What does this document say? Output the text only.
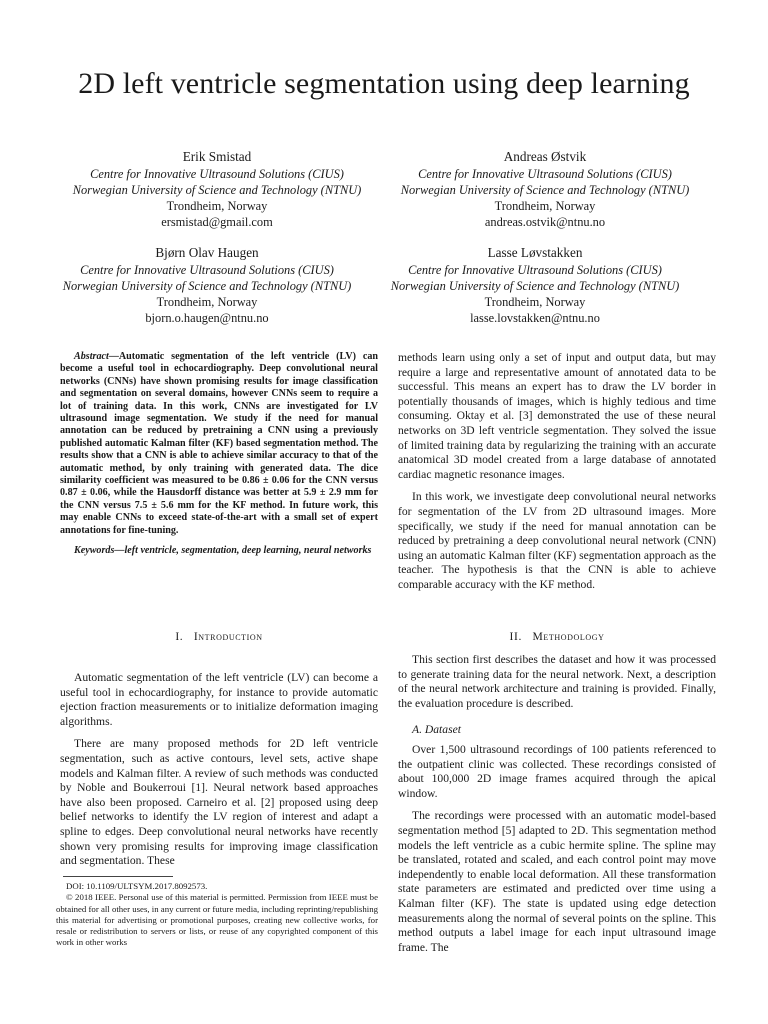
2D left ventricle segmentation using deep learning
Erik Smistad
Centre for Innovative Ultrasound Solutions (CIUS)
Norwegian University of Science and Technology (NTNU)
Trondheim, Norway
ersmistad@gmail.com
Andreas Østvik
Centre for Innovative Ultrasound Solutions (CIUS)
Norwegian University of Science and Technology (NTNU)
Trondheim, Norway
andreas.ostvik@ntnu.no
Bjørn Olav Haugen
Centre for Innovative Ultrasound Solutions (CIUS)
Norwegian University of Science and Technology (NTNU)
Trondheim, Norway
bjorn.o.haugen@ntnu.no
Lasse Løvstakken
Centre for Innovative Ultrasound Solutions (CIUS)
Norwegian University of Science and Technology (NTNU)
Trondheim, Norway
lasse.lovstakken@ntnu.no

Abstract—Automatic segmentation of the left ventricle (LV) can become a useful tool in echocardiography. Deep convolutional neural networks (CNNs) have shown promising results for image classification and segmentation on several domains, however CNNs seem to require a lot of training data. In this work, CNNs are investigated for LV ultrasound image segmentation. We study if the need for manual annotation can be reduced by pretraining a CNN using a previously published automatic Kalman filter (KF) based segmentation method. The results show that a CNN is able to achieve similar accuracy to that of the automatic method, by only training with generated data. The dice similarity coefficient was measured to be 0.86 ± 0.06 for the CNN versus 0.87 ± 0.06, while the Hausdorff distance was better at 5.9 ± 2.9 mm for the CNN versus 7.5 ± 5.6 mm for the KF method. In future work, this may enable CNNs to exceed state-of-the-art with a small set of expert annotations for fine-tuning.

Keywords—left ventricle, segmentation, deep learning, neural networks

I. Introduction

Automatic segmentation of the left ventricle (LV) can become a useful tool in echocardiography, for instance to provide automatic ejection fraction measurements or to initialize deformation imaging algorithms.

There are many proposed methods for 2D left ventricle segmentation, such as active contours, level sets, active shape models and Kalman filter. A review of such methods was conducted by Noble and Boukerroui [1]. Neural network based approaches have also been proposed. Carneiro et al. [2] proposed using deep belief networks to identify the LV region of interest and adapt a spline to edges. Deep convolutional neural networks have recently shown very promising results for improving image classification and segmentation. These

DOI: 10.1109/ULTSYM.2017.8092573.

© 2018 IEEE. Personal use of this material is permitted. Permission from IEEE must be obtained for all other uses, in any current or future media, including reprinting/republishing this material for advertising or promotional purposes, creating new collective works, for resale or redistribution to servers or lists, or reuse of any copyrighted component of this work in other works

methods learn using only a set of input and output data, but may require a large and representative amount of annotated data to be successful. This means an expert has to draw the LV border in potentially thousands of images, which is highly tedious and time consuming. Oktay et al. [3] demonstrated the use of these neural networks on 3D left ventricle segmentation. They solved the issue of limited training data by regularizing the training with an accurate anatomical 3D model created from a large database of annotated cardiac magnetic resonance images.

In this work, we investigate deep convolutional neural networks for segmentation of the LV from 2D ultrasound images. More specifically, we study if the need for manual annotation can be reduced by pretraining a deep convolutional neural network (CNN) using an automatic Kalman filter (KF) segmentation approach as the teacher. The hypothesis is that the CNN is able to achieve comparable accuracy with the KF method.

II. Methodology

This section first describes the dataset and how it was processed to generate training data for the neural network. Next, a description of the neural network architecture and training is provided. Finally, the evaluation procedure is described.

A. Dataset

Over 1,500 ultrasound recordings of 100 patients referenced to the outpatient clinic was collected. These recordings consisted of about 100,000 2D image frames acquired through the apical window.

The recordings were processed with an automatic model-based segmentation method [5] adapted to 2D. This segmentation method models the left ventricle as a cubic hermite spline. The spline may be translated, rotated and scaled, and each control point may move independently to enable local deformation. All these transformation state parameters are estimated and predicted over time using a Kalman filter (KF). The state is updated using edge detection measurements along the normal of several points on the spline. This method outputs a label image for each input ultrasound image frame. The
